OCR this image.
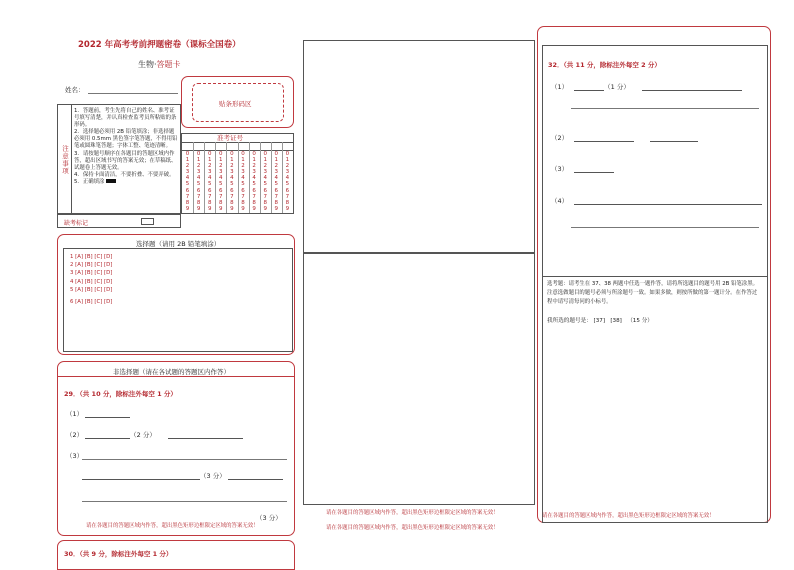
2022 年高考考前押题密卷（课标全国卷）
生物·答题卡
姓名：
贴条形码区
注意事项
1．答题前，考生先将自己的姓名、准考证号填写清楚，并认真检查监考员所粘贴的条形码。
2．选择题必须用 2B 铅笔填涂；非选择题必须用 0.5mm 黑色签字笔答题，不得用铅笔或圆珠笔答题；字体工整、笔迹清晰。
3．请按题号顺序在各题目的答题区域内作答，超出区域书写的答案无效；在草稿纸、试题卷上答题无效。
4．保持卡面清洁，不要折叠、不要弄破。
5．正确填涂
准考证号
0
1
2
3
4
5
6
7
8
9
0
1
2
3
4
5
6
7
8
9
0
1
2
3
4
5
6
7
8
9
0
1
2
3
4
5
6
7
8
9
0
1
2
3
4
5
6
7
8
9
0
1
2
3
4
5
6
7
8
9
0
1
2
3
4
5
6
7
8
9
0
1
2
3
4
5
6
7
8
9
0
1
2
3
4
5
6
7
8
9
0
1
2
3
4
5
6
7
8
9
缺考标记
选择题（请用 2B 铅笔填涂）
1 [A] [B] [C] [D]
2 [A] [B] [C] [D]
3 [A] [B] [C] [D]
4 [A] [B] [C] [D]
5 [A] [B] [C] [D]
6 [A] [B] [C] [D]
非选择题（请在各试题的答题区内作答）
29．（共 10 分，除标注外每空 1 分）
（1）
（2）	（2 分）
（3）
（3 分）
（3 分）
请在各题目的答题区域内作答，超出黑色矩形边框限定区域的答案无效！
30．（共 9 分，除标注外每空 1 分）
请在各题目的答题区域内作答，超出黑色矩形边框限定区域的答案无效！
请在各题目的答题区域内作答，超出黑色矩形边框限定区域的答案无效！
32．（共 11 分，除标注外每空 2 分）
（1）	（1 分）
（2）
（3）
（4）
选考题：请考生在 37、38 两题中任选一题作答，请将所选题目的题号用 2B 铅笔涂黑。注意选做题目的题号必须与所涂题号一致。如果多做，则按所做的第一题计分。在作答过程中请写清每问的小标号。
我所选的题号是： [37] [38] （15 分）
请在各题目的答题区域内作答，超出黑色矩形边框限定区域的答案无效！
